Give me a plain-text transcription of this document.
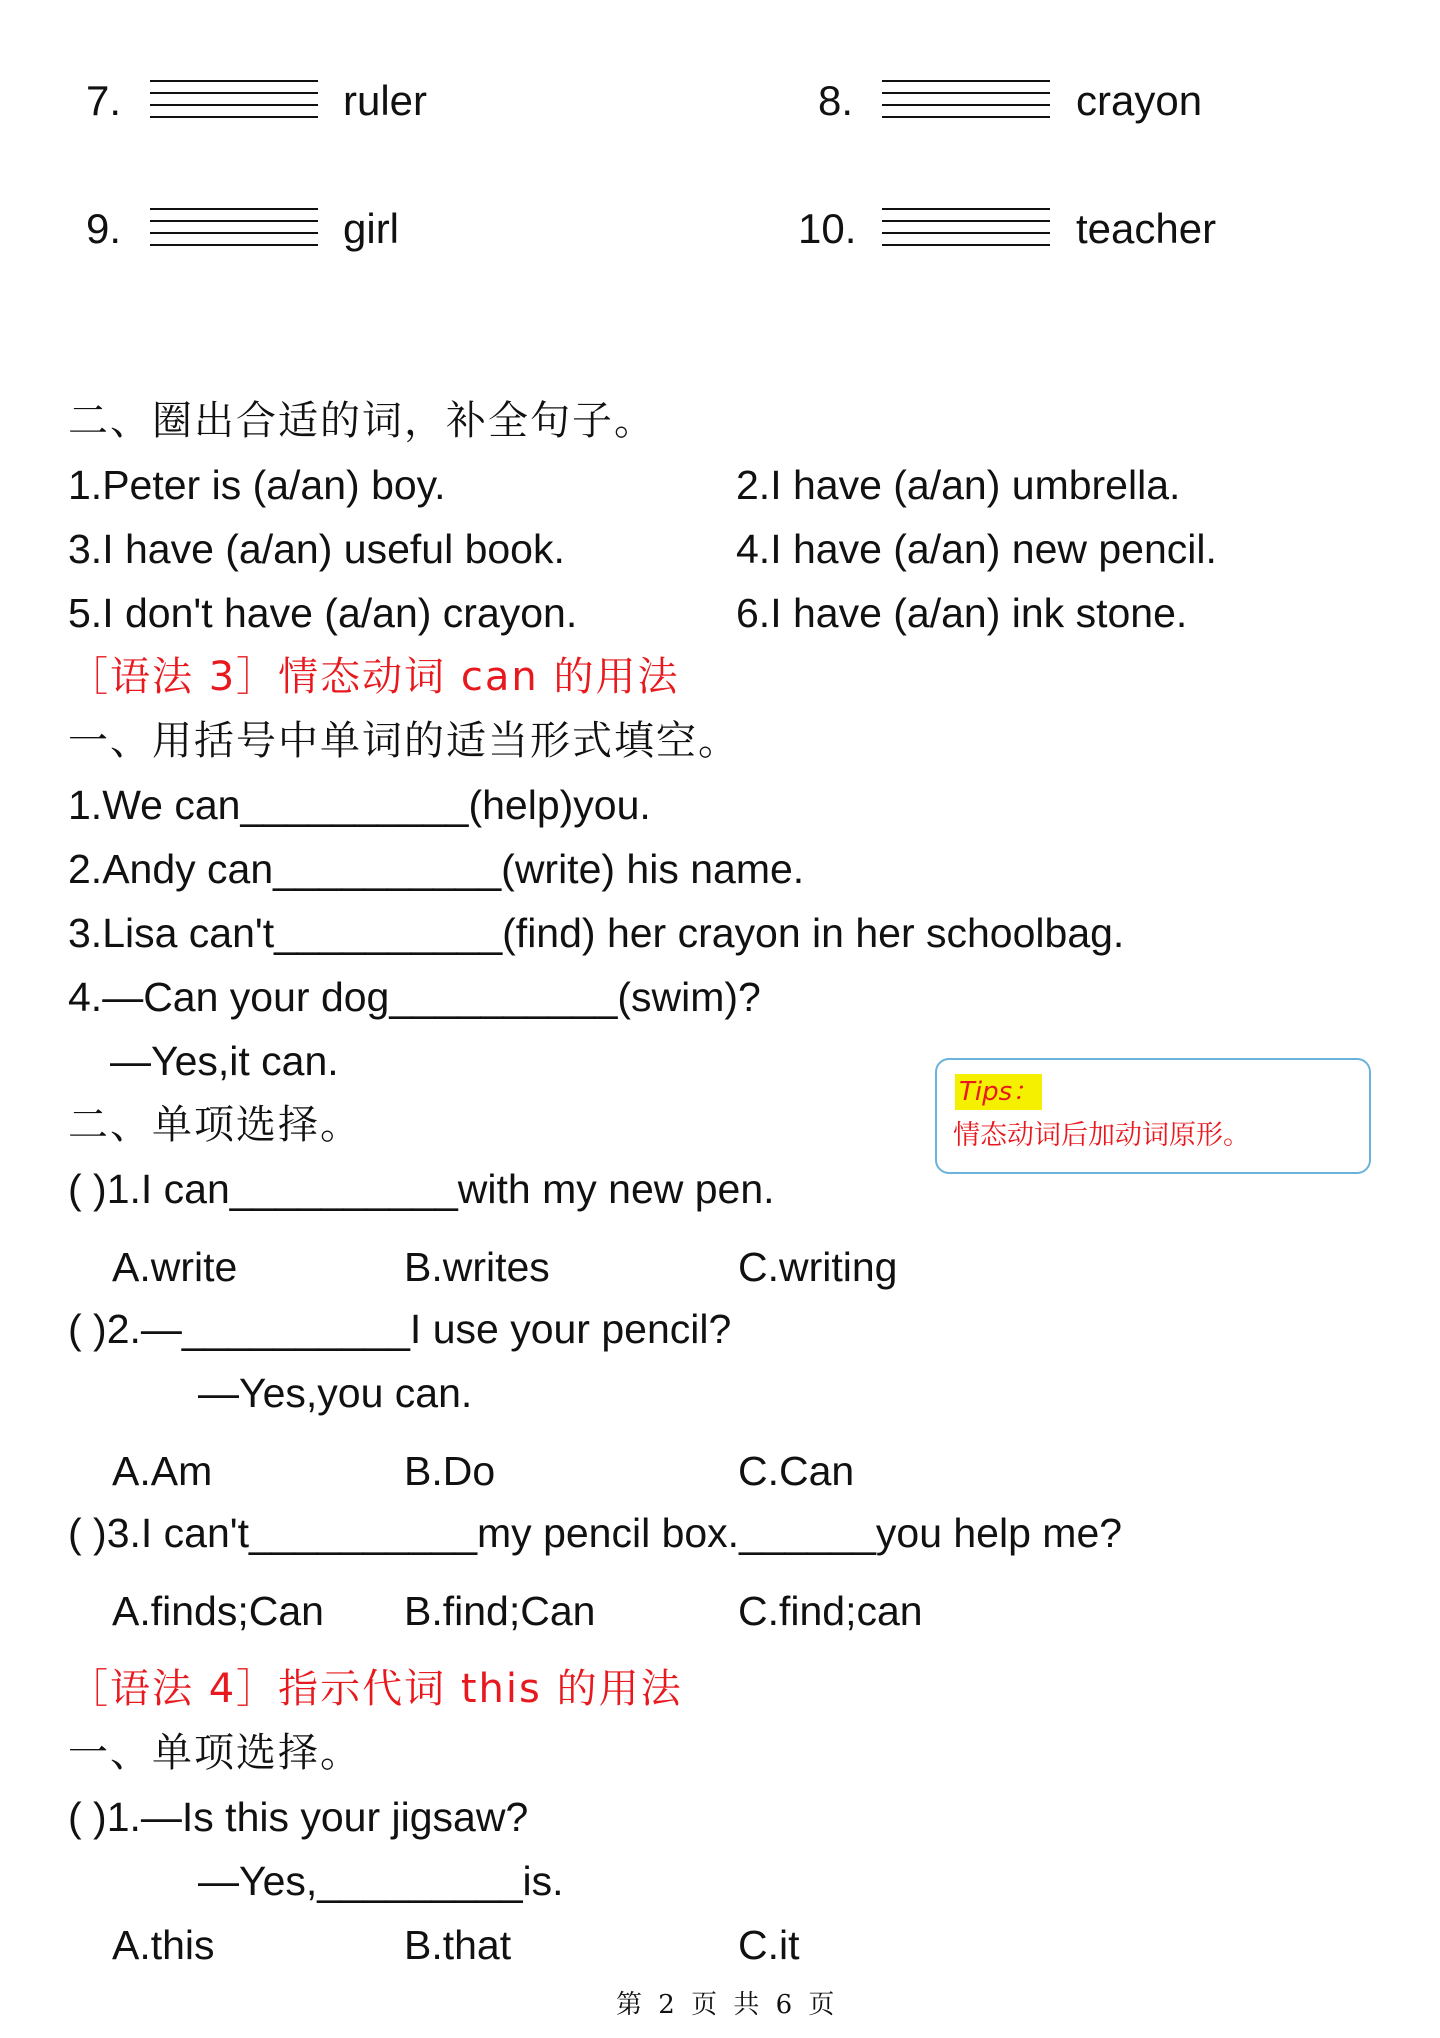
7.	ruler	8.	crayon
9.	girl	10.	teacher
二、圈出合适的词，补全句子。
1.Peter is (a/an) boy.	2.I have (a/an) umbrella.
3.I have (a/an) useful book.	4.I have (a/an) new pencil.
5.I don't have (a/an) crayon.	6.I have (a/an) ink stone.
［语法 3］情态动词 can 的用法
一、用括号中单词的适当形式填空。
1.We can__________(help)you.
2.Andy can__________(write) his name.
3.Lisa can't__________(find) her crayon in her schoolbag.
4.—Can your dog__________(swim)?
—Yes,it can.
二、单项选择。
Tips：
情态动词后加动词原形。
( )1.I can__________with my new pen.
A.write	B.writes	C.writing
( )2.—__________I use your pencil?
—Yes,you can.
A.Am	B.Do	C.Can
( )3.I can't__________my pencil box.______you help me?
A.finds;Can B.find;Can	C.find;can
［语法 4］指示代词 this 的用法
一、单项选择。
( )1.—Is this your jigsaw?
—Yes,_________is.
A.this	B.that	C.it
第 2 页 共 6 页
